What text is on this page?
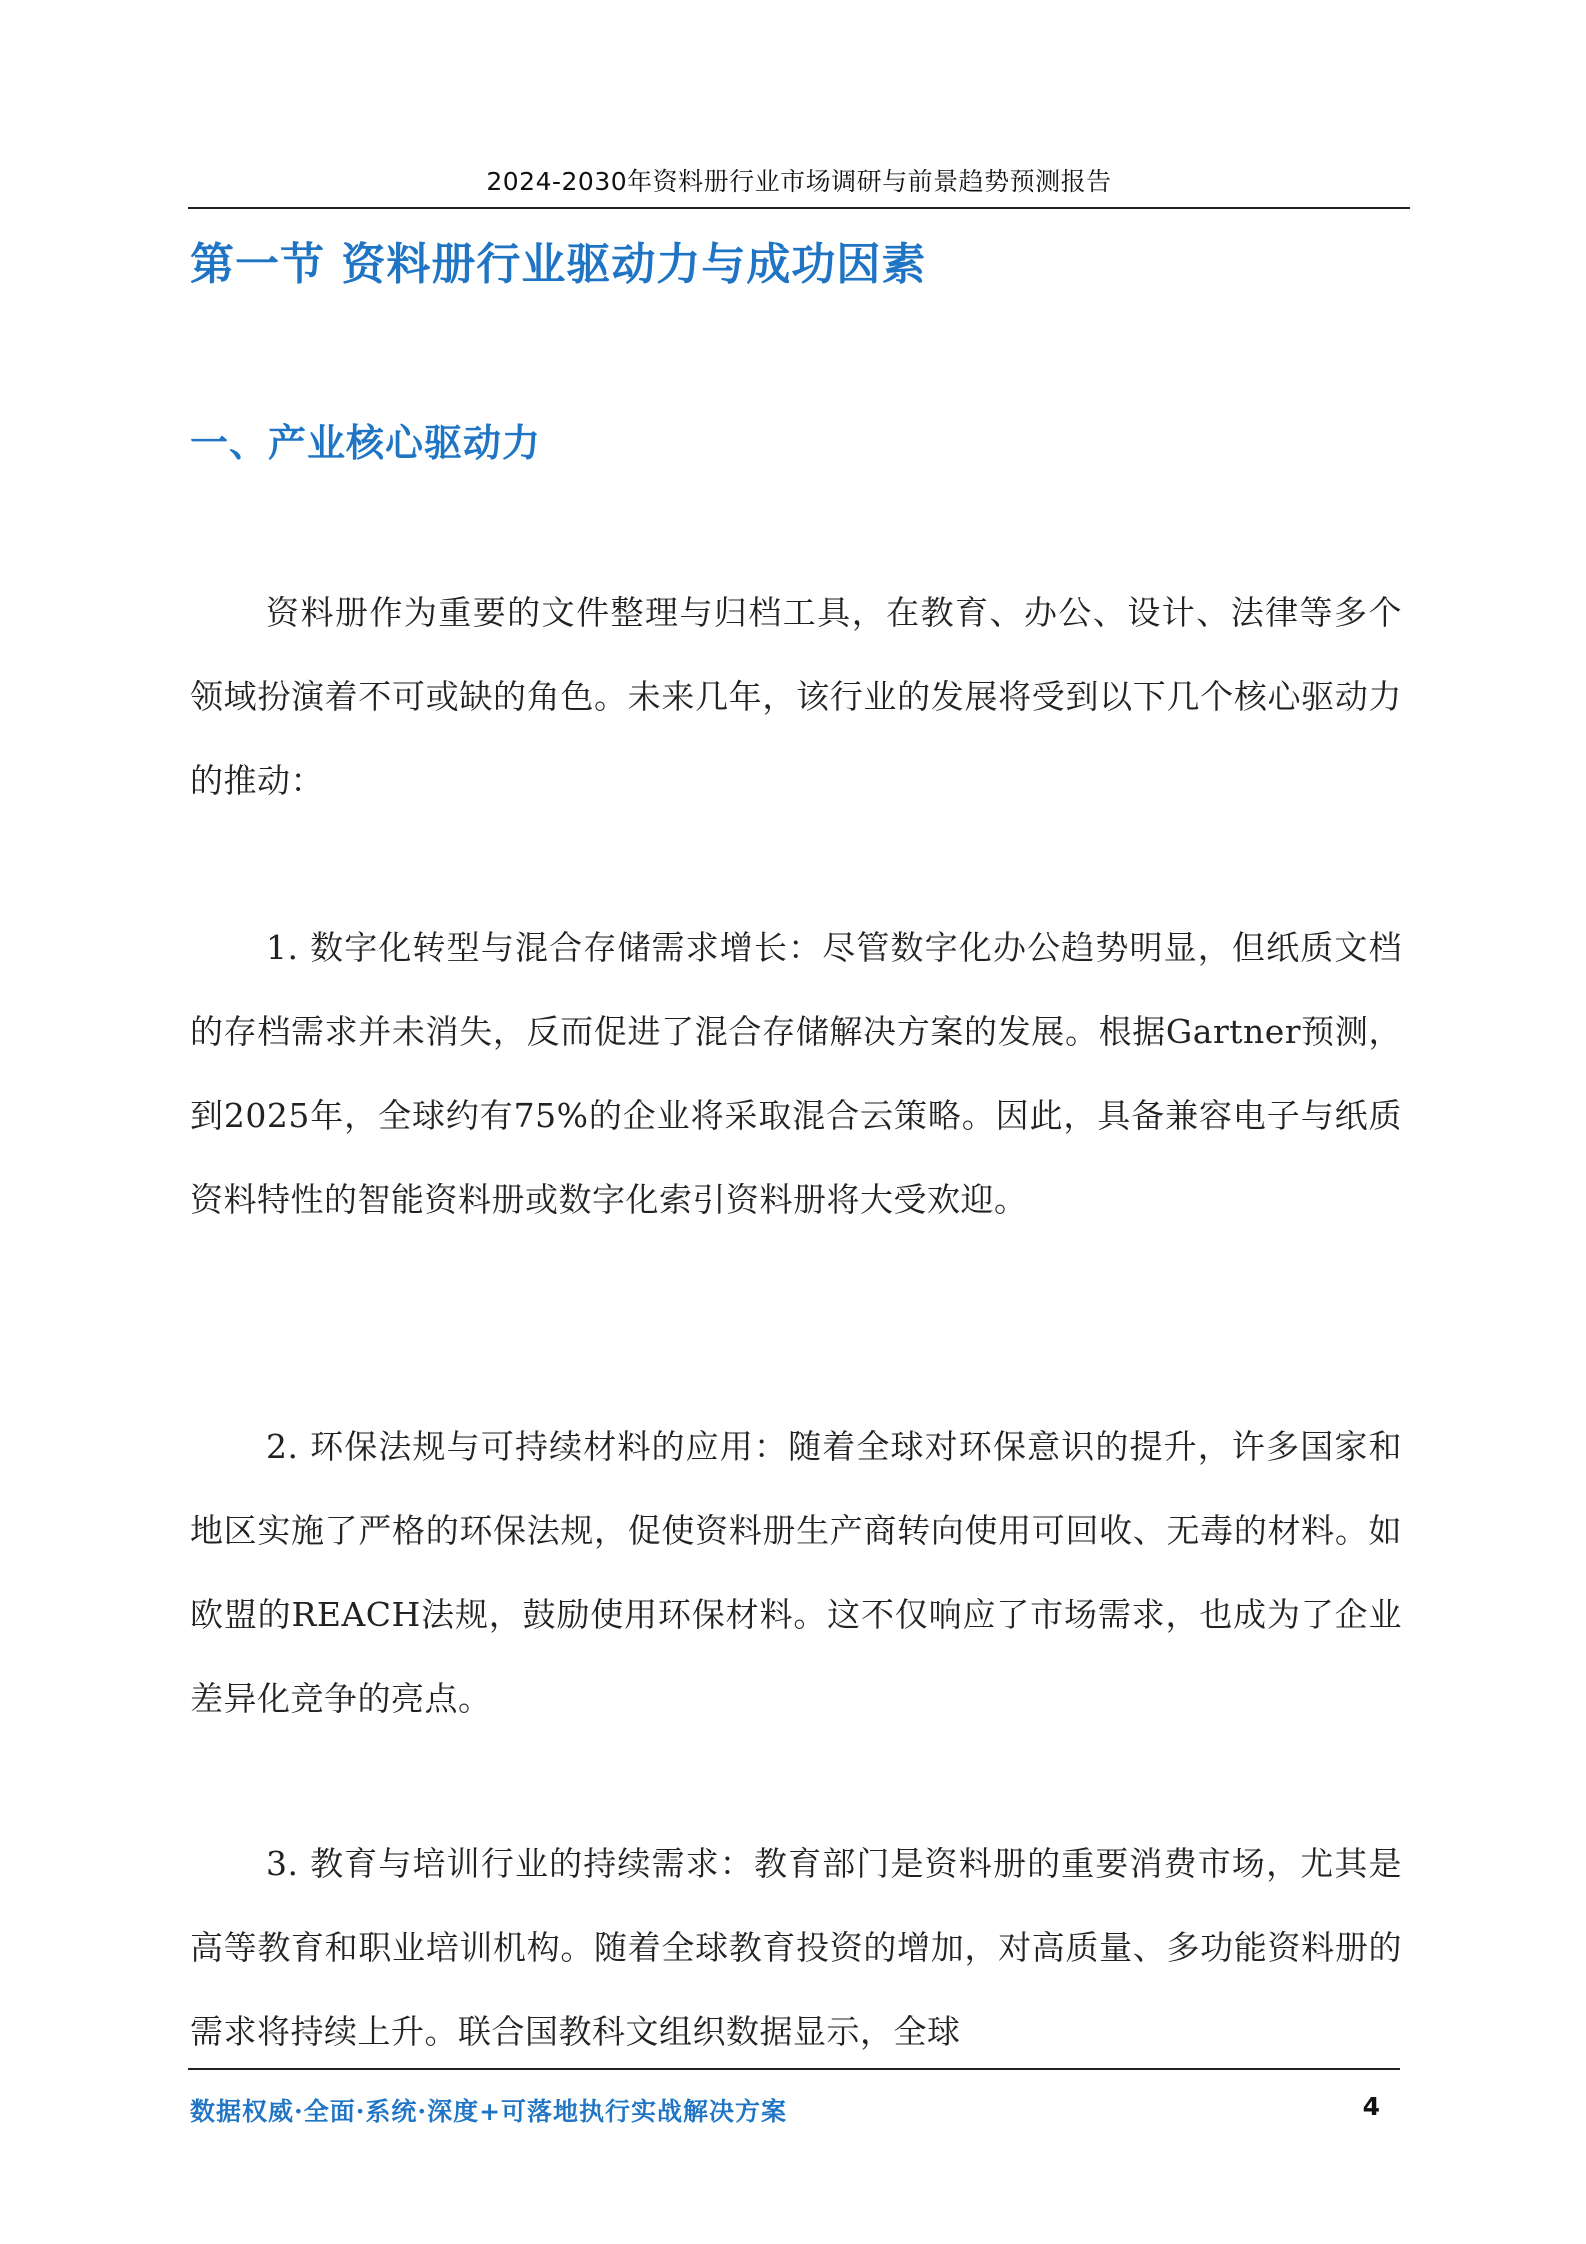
2024-2030年资料册行业市场调研与前景趋势预测报告
第一节 资料册行业驱动力与成功因素
一、产业核心驱动力

资料册作为重要的文件整理与归档工具，在教育、办公、设计、法律等多个领域扮演着不可或缺的角色。未来几年，该行业的发展将受到以下几个核心驱动力的推动：

1. 数字化转型与混合存储需求增长：尽管数字化办公趋势明显，但纸质文档的存档需求并未消失，反而促进了混合存储解决方案的发展。根据Gartner预测，到2025年，全球约有75%的企业将采取混合云策略。因此，具备兼容电子与纸质资料特性的智能资料册或数字化索引资料册将大受欢迎。

2. 环保法规与可持续材料的应用：随着全球对环保意识的提升，许多国家和地区实施了严格的环保法规，促使资料册生产商转向使用可回收、无毒的材料。如欧盟的REACH法规，鼓励使用环保材料。这不仅响应了市场需求，也成为了企业差异化竞争的亮点。

3. 教育与培训行业的持续需求：教育部门是资料册的重要消费市场，尤其是高等教育和职业培训机构。随着全球教育投资的增加，对高质量、多功能资料册的需求将持续上升。联合国教科文组织数据显示，全球

数据权威·全面·系统·深度+可落地执行实战解决方案	4
